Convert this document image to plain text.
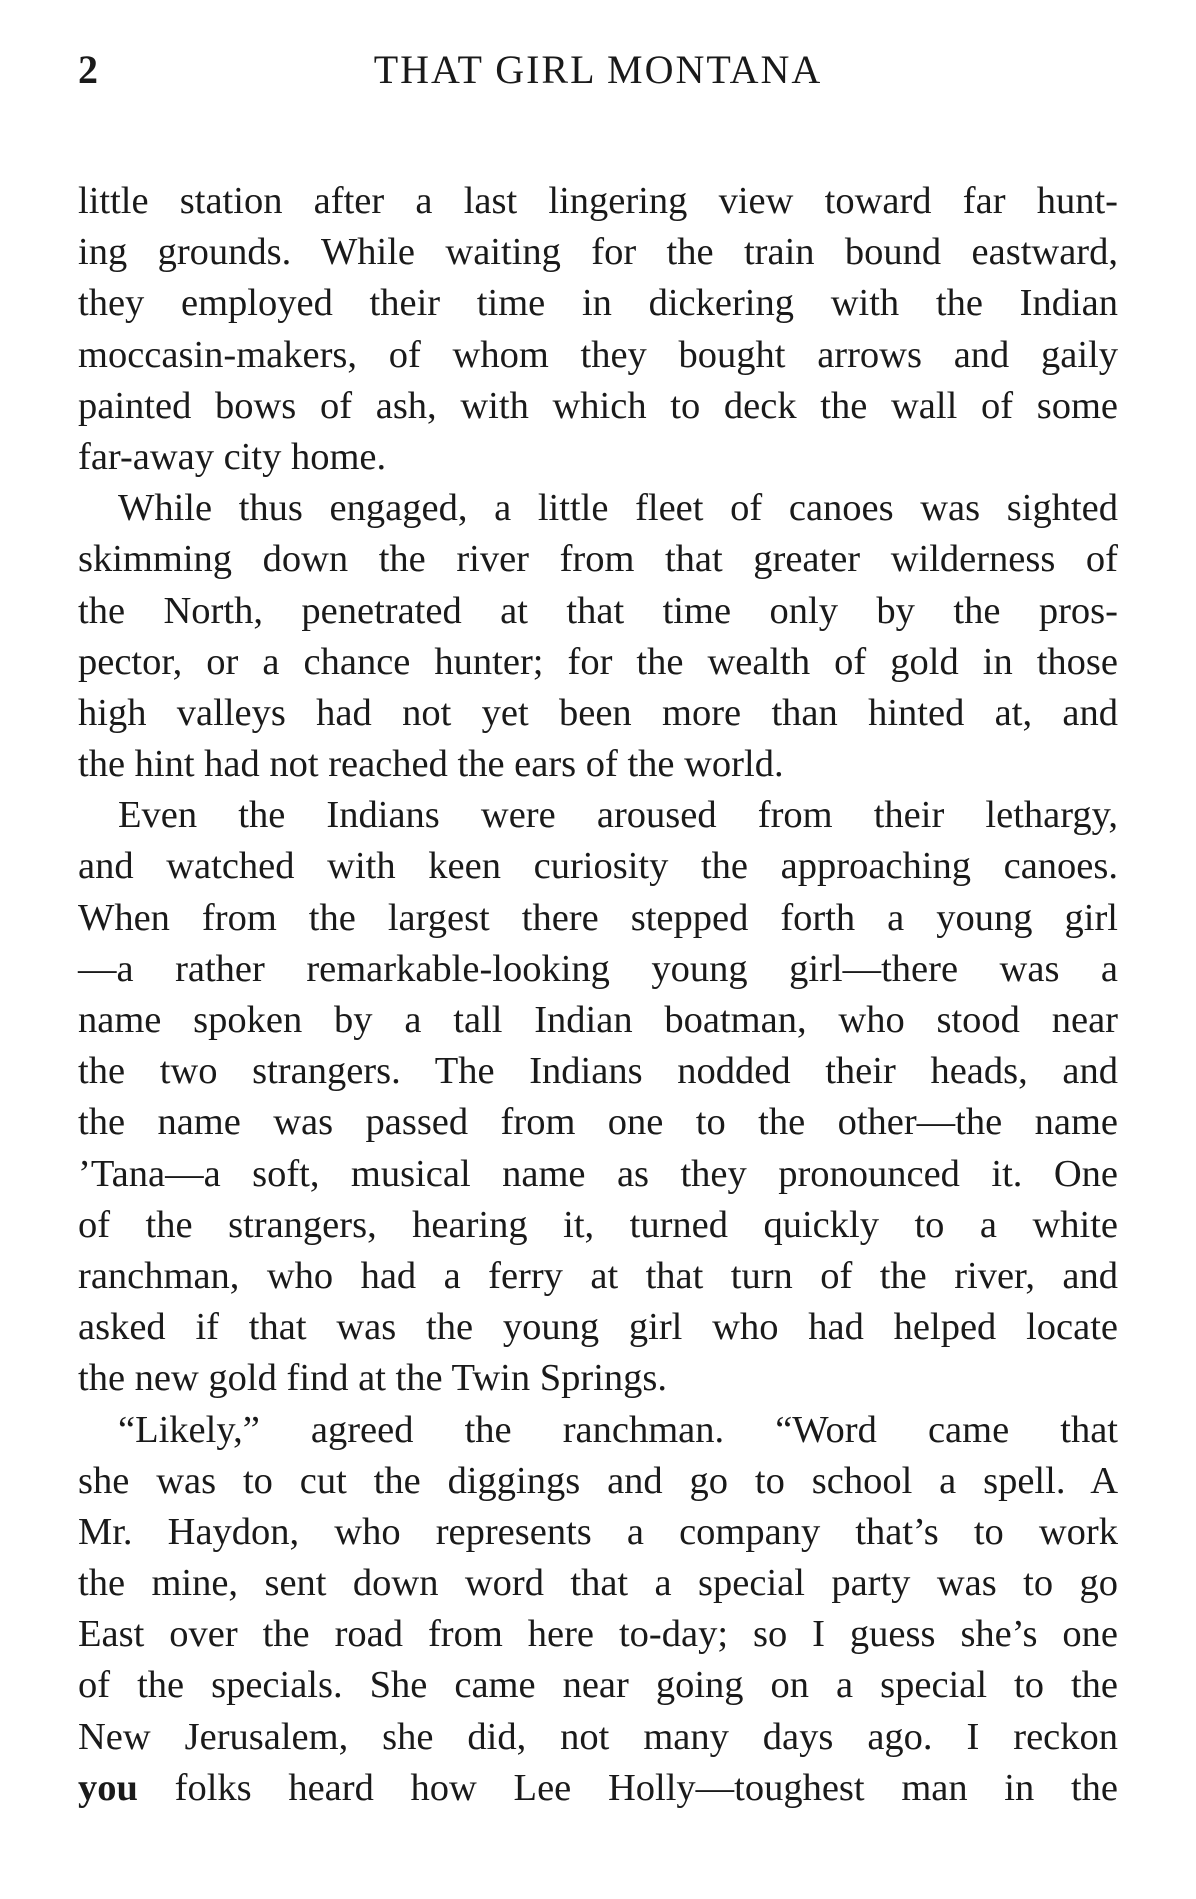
2	THAT GIRL MONTANA
little station after a last lingering view toward far hunt-
ing grounds. While waiting for the train bound eastward,
they employed their time in dickering with the Indian
moccasin-makers, of whom they bought arrows and gaily
painted bows of ash, with which to deck the wall of some
far-away city home.
While thus engaged, a little fleet of canoes was sighted
skimming down the river from that greater wilderness of
the North, penetrated at that time only by the pros-
pector, or a chance hunter; for the wealth of gold in those
high valleys had not yet been more than hinted at, and
the hint had not reached the ears of the world.
Even the Indians were aroused from their lethargy,
and watched with keen curiosity the approaching canoes.
When from the largest there stepped forth a young girl
—a rather remarkable-looking young girl—there was a
name spoken by a tall Indian boatman, who stood near
the two strangers. The Indians nodded their heads, and
the name was passed from one to the other—the name
’Tana—a soft, musical name as they pronounced it. One
of the strangers, hearing it, turned quickly to a white
ranchman, who had a ferry at that turn of the river, and
asked if that was the young girl who had helped locate
the new gold find at the Twin Springs.
“Likely,” agreed the ranchman. “Word came that
she was to cut the diggings and go to school a spell. A
Mr. Haydon, who represents a company that’s to work
the mine, sent down word that a special party was to go
East over the road from here to-day; so I guess she’s one
of the specials. She came near going on a special to the
New Jerusalem, she did, not many days ago. I reckon
you folks heard how Lee Holly—toughest man in the
